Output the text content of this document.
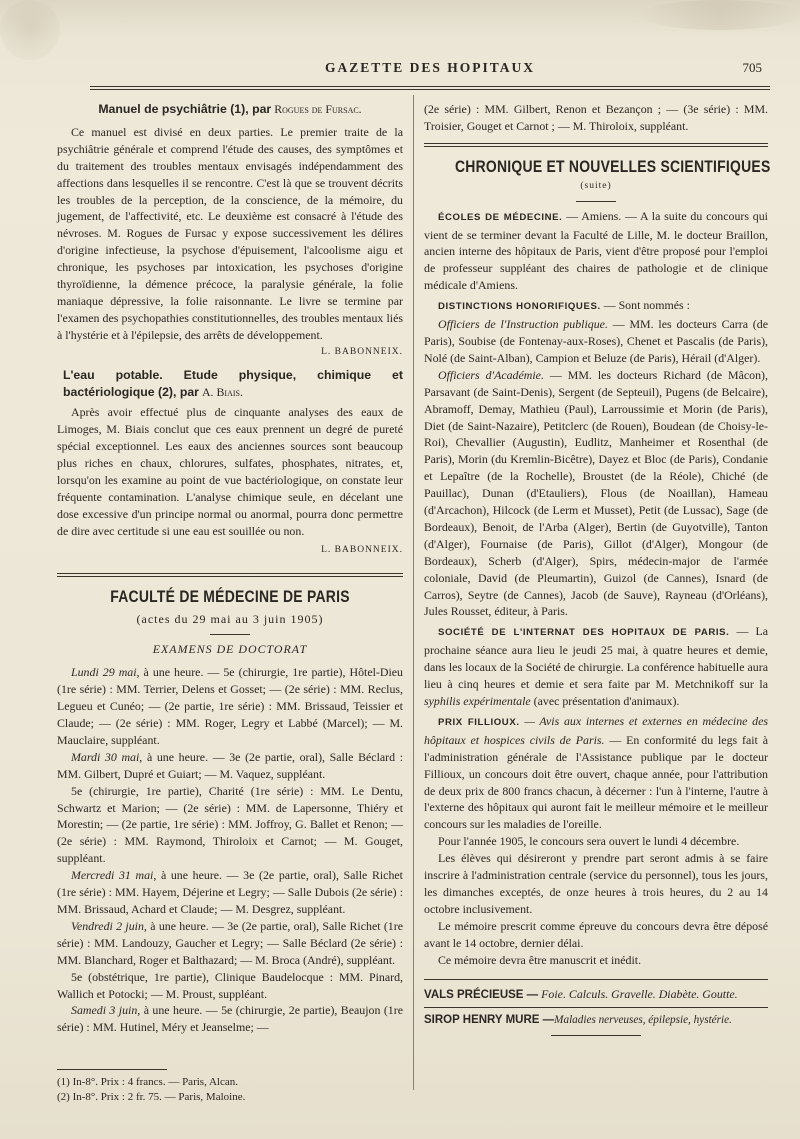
GAZETTE DES HOPITAUX	705
Manuel de psychiâtrie (1), par Rogues de Fursac.

Ce manuel est divisé en deux parties. Le premier traite de la psychiâtrie générale et comprend l'étude des causes, des symptômes et du traitement des troubles mentaux envisagés indépendamment des affections dans lesquelles il se rencontre. C'est là que se trouvent décrits les troubles de la perception, de la conscience, de la mémoire, du jugement, de l'affectivité, etc. Le deuxième est consacré à l'étude des névroses. M. Rogues de Fursac y expose successivement les délires d'origine infectieuse, la psychose d'épuisement, l'alcoolisme aigu et chronique, les psychoses par intoxication, les psychoses d'origine thyroïdienne, la démence précoce, la paralysie générale, la folie maniaque dépressive, la folie raisonnante. Le livre se termine par l'examen des psychopathies constitutionnelles, des troubles mentaux liés à l'hystérie et à l'épilepsie, des arrêts de développement.

L. BABONNEIX.
L'eau potable. Etude physique, chimique et bactériologique (2), par A. Biais.

Après avoir effectué plus de cinquante analyses des eaux de Limoges, M. Biais conclut que ces eaux prennent un degré de pureté spécial exceptionnel. Les eaux des anciennes sources sont beaucoup plus riches en chaux, chlorures, sulfates, phosphates, nitrates, et, lorsqu'on les examine au point de vue bactériologique, on constate leur fréquente contamination. L'analyse chimique seule, en décelant une dose excessive d'un principe normal ou anormal, pourra donc permettre de dire avec certitude si une eau est souillée ou non.

L. BABONNEIX.
FACULTÉ DE MÉDECINE DE PARIS
(actes du 29 mai au 3 juin 1905)
EXAMENS DE DOCTORAT

Lundi 29 mai, à une heure. — 5e (chirurgie, 1re partie), Hôtel-Dieu (1re série) : MM. Terrier, Delens et Gosset; — (2e série) : MM. Reclus, Legueu et Cunéo; — (2e partie, 1re série) : MM. Brissaud, Teissier et Claude; — (2e série) : MM. Roger, Legry et Labbé (Marcel); — M. Mauclaire, suppléant.

Mardi 30 mai, à une heure. — 3e (2e partie, oral), Salle Béclard : MM. Gilbert, Dupré et Guiart; — M. Vaquez, suppléant.

5e (chirurgie, 1re partie), Charité (1re série) : MM. Le Dentu, Schwartz et Marion; — (2e série) : MM. de Lapersonne, Thiéry et Morestin; — (2e partie, 1re série) : MM. Joffroy, G. Ballet et Renon; — (2e série) : MM. Raymond, Thiroloix et Carnot; — M. Gouget, suppléant.

Mercredi 31 mai, à une heure. — 3e (2e partie, oral), Salle Richet (1re série) : MM. Hayem, Déjerine et Legry; — Salle Dubois (2e série) : MM. Brissaud, Achard et Claude; — M. Desgrez, suppléant.

Vendredi 2 juin, à une heure. — 3e (2e partie, oral), Salle Richet (1re série) : MM. Landouzy, Gaucher et Legry; — Salle Béclard (2e série) : MM. Blanchard, Roger et Balthazard; — M. Broca (André), suppléant.

5e (obstétrique, 1re partie), Clinique Baudelocque : MM. Pinard, Wallich et Potocki; — M. Proust, suppléant.

Samedi 3 juin, à une heure. — 5e (chirurgie, 2e partie), Beaujon (1re série) : MM. Hutinel, Méry et Jeanselme; —

(1) In-8°. Prix : 4 francs. — Paris, Alcan.
(2) In-8°. Prix : 2 fr. 75. — Paris, Maloine.

(2e série) : MM. Gilbert, Renon et Bezançon ; — (3e série) : MM. Troisier, Gouget et Carnot ; — M. Thiroloix, suppléant.

CHRONIQUE ET NOUVELLES SCIENTIFIQUES
(suite)

ÉCOLES DE MÉDECINE. — Amiens. — A la suite du concours qui vient de se terminer devant la Faculté de Lille, M. le docteur Braillon, ancien interne des hôpitaux de Paris, vient d'être proposé pour l'emploi de professeur suppléant des chaires de pathologie et de clinique médicale d'Amiens.

DISTINCTIONS HONORIFIQUES. — Sont nommés :

Officiers de l'Instruction publique. — MM. les docteurs Carra (de Paris), Soubise (de Fontenay-aux-Roses), Chenet et Pascalis (de Paris), Nolé (de Saint-Alban), Campion et Beluze (de Paris), Hérail (d'Alger).

Officiers d'Académie. — MM. les docteurs Richard (de Mâcon), Parsavant (de Saint-Denis), Sergent (de Septeuil), Pugens (de Belcaire), Abramoff, Demay, Mathieu (Paul), Larroussimie et Morin (de Paris), Diet (de Saint-Nazaire), Petitclerc (de Rouen), Boudean (de Choisy-le-Roi), Chevallier (Augustin), Eudlitz, Manheimer et Rosenthal (de Paris), Morin (du Kremlin-Bicêtre), Dayez et Bloc (de Paris), Condanie et Lepaître (de la Rochelle), Broustet (de la Réole), Chiché (de Pauillac), Dunan (d'Etauliers), Flous (de Noaillan), Hameau (d'Arcachon), Hilcock (de Lerm et Musset), Petit (de Lussac), Sage (de Bordeaux), Benoit, de l'Arba (Alger), Bertin (de Guyotville), Tanton (d'Alger), Fournaise (de Paris), Gillot (d'Alger), Mongour (de Bordeaux), Scherb (d'Alger), Spirs, médecin-major de l'armée coloniale, David (de Pleumartin), Guizol (de Cannes), Isnard (de Carros), Seytre (de Cannes), Jacob (de Sauve), Rayneau (d'Orléans), Jules Rousset, éditeur, à Paris.

SOCIÉTÉ DE L'INTERNAT DES HOPITAUX DE PARIS. — La prochaine séance aura lieu le jeudi 25 mai, à quatre heures et demie, dans les locaux de la Société de chirurgie. La conférence habituelle aura lieu à cinq heures et demie et sera faite par M. Metchnikoff sur la syphilis expérimentale (avec présentation d'animaux).

PRIX FILLIOUX. — Avis aux internes et externes en médecine des hôpitaux et hospices civils de Paris. — En conformité du legs fait à l'administration générale de l'Assistance publique par le docteur Fillioux, un concours doit être ouvert, chaque année, pour l'attribution de deux prix de 800 francs chacun, à décerner : l'un à l'interne, l'autre à l'externe des hôpitaux qui auront fait le meilleur mémoire et le meilleur concours sur les maladies de l'oreille.

Pour l'année 1905, le concours sera ouvert le lundi 4 décembre.

Les élèves qui désireront y prendre part seront admis à se faire inscrire à l'administration centrale (service du personnel), tous les jours, les dimanches exceptés, de onze heures à trois heures, du 2 au 14 octobre inclusivement.

Le mémoire prescrit comme épreuve du concours devra être déposé avant le 14 octobre, dernier délai.

Ce mémoire devra être manuscrit et inédit.

VALS PRÉCIEUSE — Foie. Calculs. Gravelle. Diabète. Goutte.
SIROP HENRY MURE —Maladies nerveuses, épilepsie, hystérie.
